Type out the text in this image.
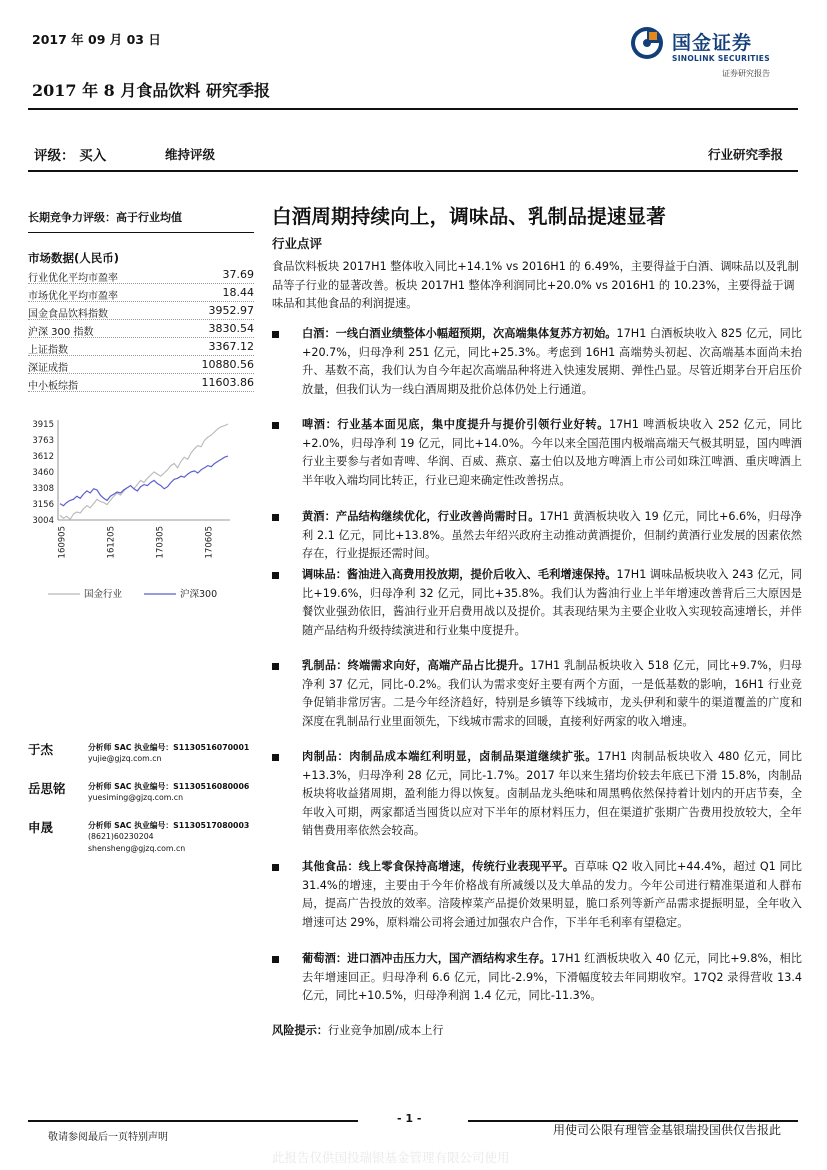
2017 年 09 月 03 日	国金证券
SINOLINK SECURITIES
证券研究报告
2017 年 8 月食品饮料 研究季报
评级： 买入	维持评级	行业研究季报
长期竞争力评级：高于行业均值
市场数据(人民币)
行业优化平均市盈率	37.69
市场优化平均市盈率	18.44
国金食品饮料指数	3952.97
沪深 300 指数	3830.54
上证指数	3367.12
深证成指	10880.56
中小板综指	11603.86
3915
3763
3612
3460
3308
3156
3004
160905	161205	170305	170605
国金行业	沪深300
于杰	分析师 SAC 执业编号：S1130516070001
yujie@gjzq.com.cn
岳思铭	分析师 SAC 执业编号：S1130516080006
yuesiming@gjzq.com.cn
申晟	分析师 SAC 执业编号：S1130517080003
(8621)60230204
shensheng@gjzq.com.cn
白酒周期持续向上，调味品、乳制品提速显著
行业点评
食品饮料板块 2017H1 整体收入同比+14.1% vs 2016H1 的 6.49%，主要得益于白酒、调味品以及乳制品等子行业的显著改善。板块 2017H1 整体净利润同比+20.0% vs 2016H1 的 10.23%，主要得益于调味品和其他食品的利润提速。
白酒：一线白酒业绩整体小幅超预期，次高端集体复苏方初始。17H1 白酒板块收入 825 亿元，同比+20.7%，归母净利 251 亿元，同比+25.3%。考虑到 16H1 高端势头初起、次高端基本面尚未抬升、基数不高，我们认为自今年起次高端品种将进入快速发展期、弹性凸显。尽管近期茅台开启压价放量，但我们认为一线白酒周期及批价总体仍处上行通道。
啤酒：行业基本面见底，集中度提升与提价引领行业好转。17H1 啤酒板块收入 252 亿元，同比+2.0%，归母净利 19 亿元，同比+14.0%。今年以来全国范围内极端高端天气极其明显，国内啤酒行业主要参与者如青啤、华润、百威、燕京、嘉士伯以及地方啤酒上市公司如珠江啤酒、重庆啤酒上半年收入端均同比转正，行业已迎来确定性改善拐点。
黄酒：产品结构继续优化，行业改善尚需时日。17H1 黄酒板块收入 19 亿元，同比+6.6%，归母净利 2.1 亿元，同比+13.8%。虽然去年绍兴政府主动推动黄酒提价，但制约黄酒行业发展的因素依然存在，行业提振还需时间。
调味品：酱油进入高费用投放期，提价后收入、毛利增速保持。17H1 调味品板块收入 243 亿元，同比+19.6%，归母净利 32 亿元，同比+35.8%。我们认为酱油行业上半年增速改善背后三大原因是餐饮业强劲依旧，酱油行业开启费用战以及提价。其表现结果为主要企业收入实现较高速增长，并伴随产品结构升级持续演进和行业集中度提升。
乳制品：终端需求向好，高端产品占比提升。17H1 乳制品板块收入 518 亿元，同比+9.7%，归母净利 37 亿元，同比-0.2%。我们认为需求变好主要有两个方面，一是低基数的影响，16H1 行业竞争促销非常厉害。二是今年经济趋好，特别是乡镇等下线城市，龙头伊利和蒙牛的渠道覆盖的广度和深度在乳制品行业里面领先，下线城市需求的回暖，直接利好两家的收入增速。
肉制品：肉制品成本端红利明显，卤制品渠道继续扩张。17H1 肉制品板块收入 480 亿元，同比+13.3%，归母净利 28 亿元，同比-1.7%。2017 年以来生猪均价较去年底已下滑 15.8%，肉制品板块将收益猪周期，盈利能力得以恢复。卤制品龙头绝味和周黑鸭依然保持着计划内的开店节奏，全年收入可期，两家都适当囤货以应对下半年的原材料压力，但在渠道扩张期广告费用投放较大，全年销售费用率依然会较高。
其他食品：线上零食保持高增速，传统行业表现平平。百草味 Q2 收入同比+44.4%，超过 Q1 同比 31.4%的增速，主要由于今年价格战有所减缓以及大单品的发力。今年公司进行精准渠道和人群布局，提高广告投放的效率。涪陵榨菜产品提价效果明显，脆口系列等新产品需求提振明显，全年收入增速可达 29%，原料端公司将会通过加强农户合作，下半年毛利率有望稳定。
葡萄酒：进口酒冲击压力大，国产酒结构求生存。17H1 红酒板块收入 40 亿元，同比+9.8%，相比去年增速回正。归母净利 6.6 亿元，同比-2.9%，下滑幅度较去年同期收窄。17Q2 录得营收 13.4 亿元，同比+10.5%，归母净利润 1.4 亿元，同比-11.3%。
风险提示：行业竞争加剧/成本上行
- 1 -
敬请参阅最后一页特别声明
用使司公限有理管金基银瑞投国供仅告报此
此报告仅供国投瑞银基金管理有限公司使用
